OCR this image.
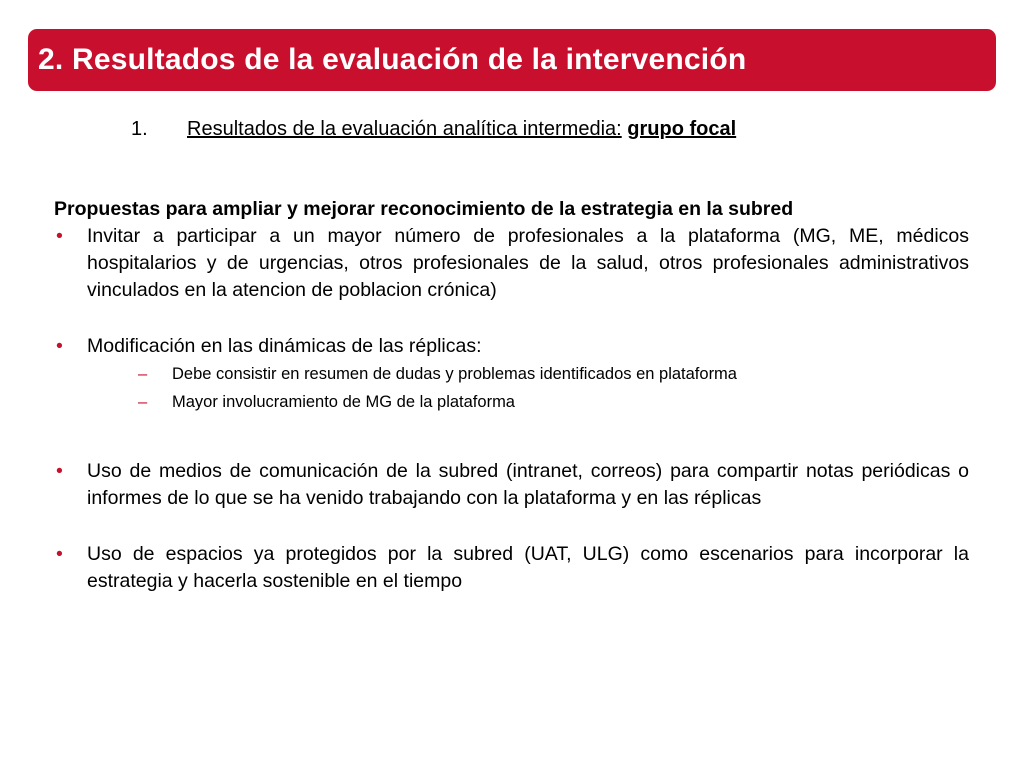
2. Resultados de la evaluación de la intervención
1. Resultados de la evaluación analítica intermedia: grupo focal
Propuestas para ampliar y mejorar reconocimiento de la estrategia en la subred
• Invitar a participar a un mayor número de profesionales a la plataforma (MG, ME, médicos hospitalarios y de urgencias, otros profesionales de la salud, otros profesionales administrativos vinculados en la atencion de poblacion crónica)
• Modificación en las dinámicas de las réplicas:
– Debe consistir en resumen de dudas y problemas identificados en plataforma
– Mayor involucramiento de MG de la plataforma
• Uso de medios de comunicación de la subred (intranet, correos) para compartir notas periódicas o informes de lo que se ha venido trabajando con la plataforma y en las réplicas
• Uso de espacios ya protegidos por la subred (UAT, ULG) como escenarios para incorporar la estrategia y hacerla sostenible en el tiempo
